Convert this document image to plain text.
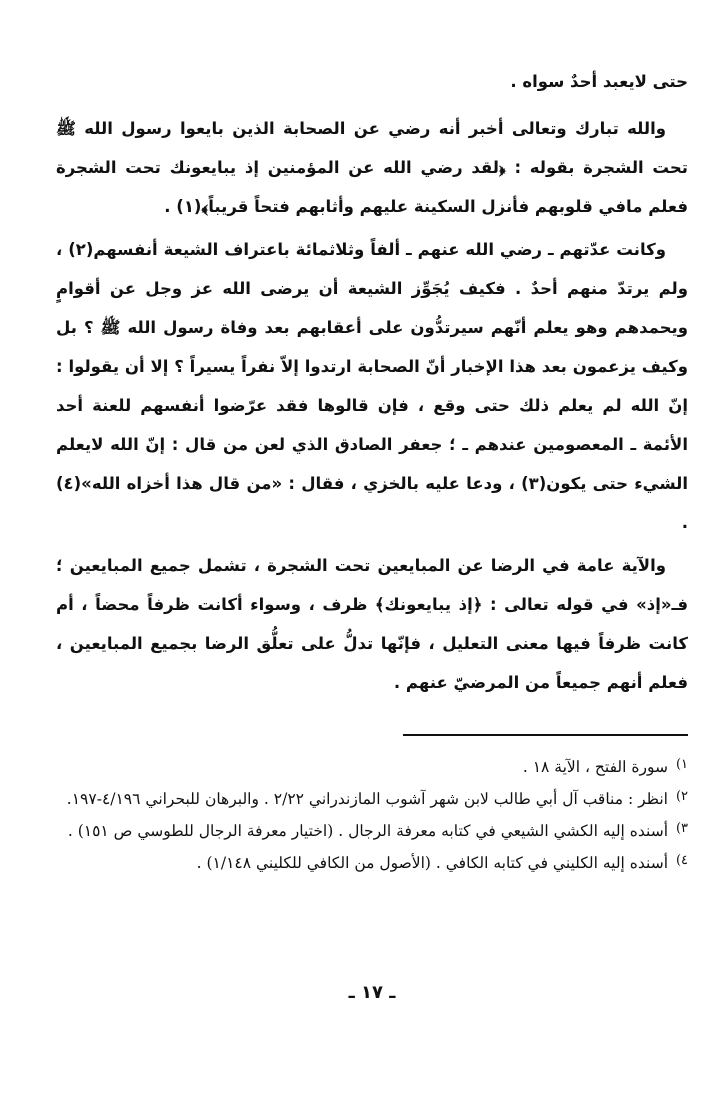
حتى لايعبد أحدٌ سواه .

والله تبارك وتعالى أخبر أنه رضي عن الصحابة الذين بايعوا رسول الله ﷺ تحت الشجرة بقوله : ﴿لقد رضي الله عن المؤمنين إذ يبايعونك تحت الشجرة فعلم مافي قلوبهم فأنزل السكينة عليهم وأثابهم فتحاً قريباً﴾(١) .

وكانت عدّتهم ـ رضي الله عنهم ـ ألفاً وثلاثمائة باعتراف الشيعة أنفسهم(٢) ، ولم يرتدّ منهم أحدٌ . فكيف يُجَوِّز الشيعة أن يرضى الله عز وجل عن أقوامٍ ويحمدهم وهو يعلم أنّهم سيرتدُّون على أعقابهم بعد وفاة رسول الله ﷺ ؟ بل وكيف يزعمون بعد هذا الإخبار أنّ الصحابة ارتدوا إلاّ نفراً يسيراً ؟ إلا أن يقولوا : إنّ الله لم يعلم ذلك حتى وقع ، فإن قالوها فقد عرّضوا أنفسهم للعنة أحد الأئمة ـ المعصومين عندهم ـ ؛ جعفر الصادق الذي لعن من قال : إنّ الله لايعلم الشيء حتى يكون(٣) ، ودعا عليه بالخزي ، فقال : «من قال هذا أخزاه الله»(٤) .

والآية عامة في الرضا عن المبايعين تحت الشجرة ، تشمل جميع المبايعين ؛ فـ«إذ» في قوله تعالى : ﴿إذ يبايعونك﴾ ظرف ، وسواء أكانت ظرفاً محضاً ، أم كانت ظرفاً فيها معنى التعليل ، فإنّها تدلُّ على تعلُّق الرضا بجميع المبايعين ، فعلم أنهم جميعاً من المرضيّ عنهم .

١)
سورة الفتح ، الآية ١٨ .

٢)
انظر : مناقب آل أبي طالب لابن شهر آشوب المازندراني ٢/٢٢ . والبرهان للبحراني ٤/١٩٦-١٩٧.

٣)
أسنده إليه الكشي الشيعي في كتابه معرفة الرجال . (اختيار معرفة الرجال للطوسي ص ١٥١) .

٤)
أسنده إليه الكليني في كتابه الكافي . (الأصول من الكافي للكليني ١/١٤٨) .

ـ ١٧ ـ
